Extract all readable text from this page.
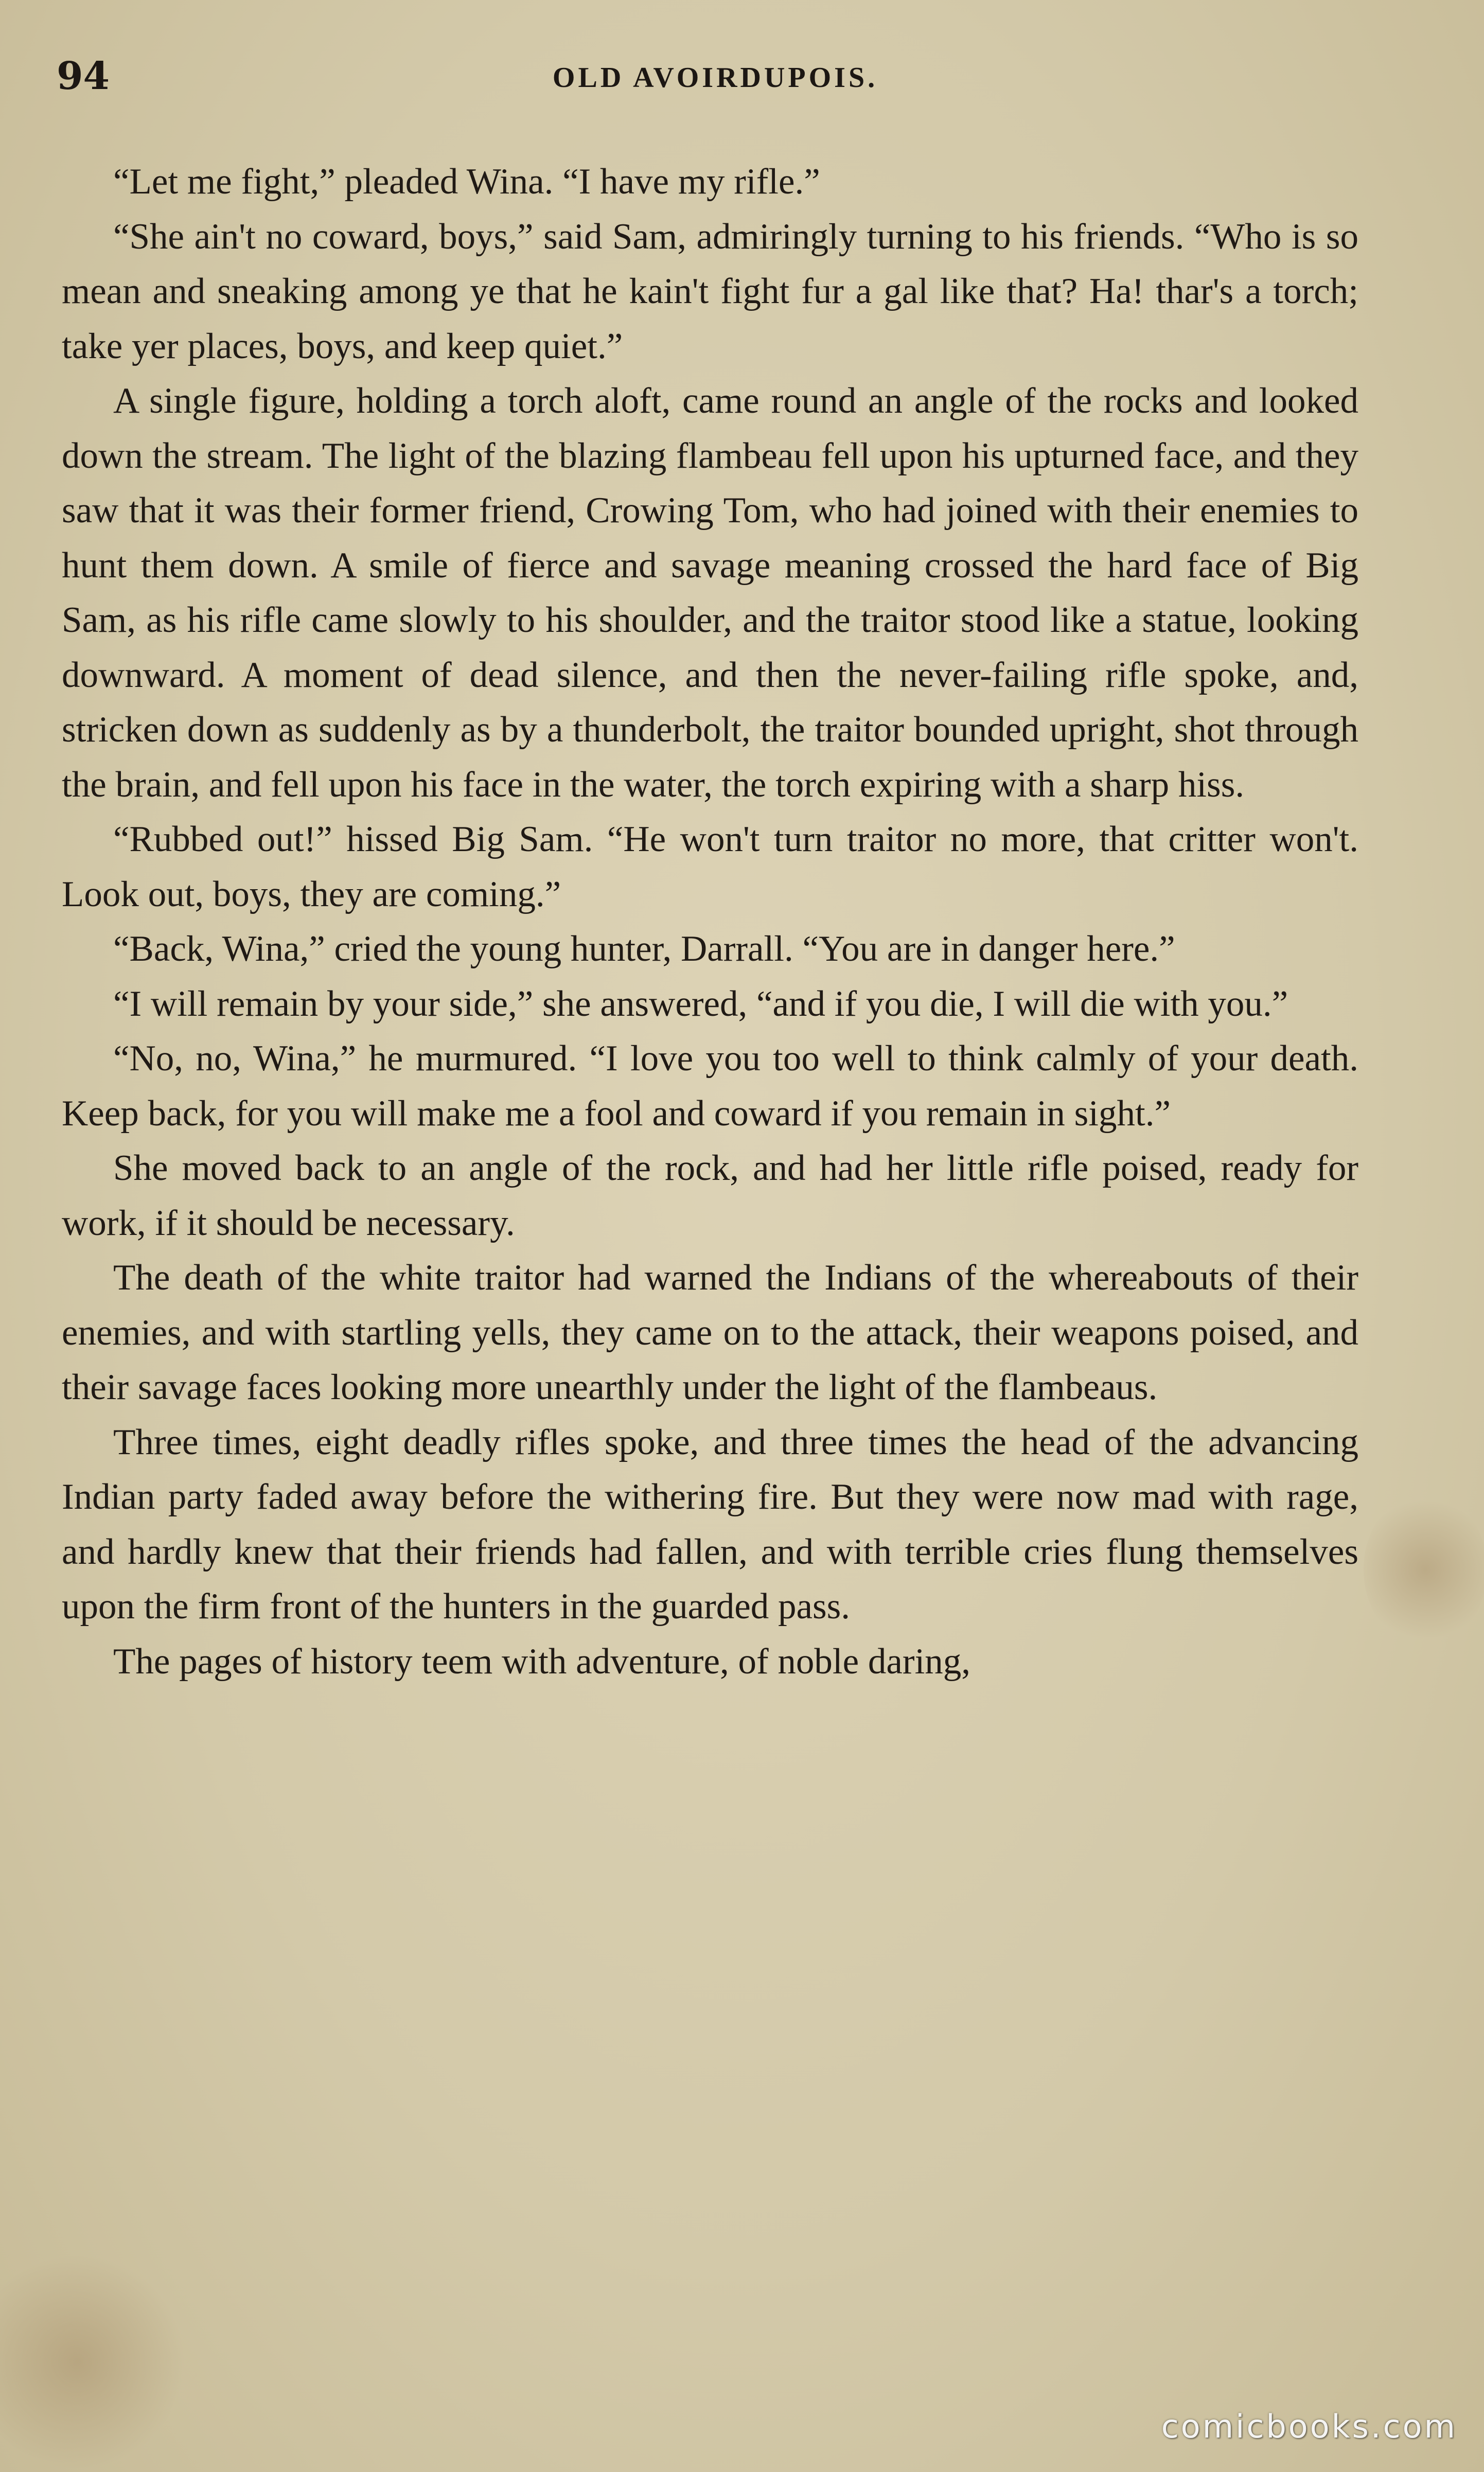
94	OLD AVOIRDUPOIS.

“Let me fight,” pleaded Wina. “I have my rifle.”

“She ain't no coward, boys,” said Sam, admiringly turning to his friends. “Who is so mean and sneaking among ye that he kain't fight fur a gal like that? Ha! thar's a torch; take yer places, boys, and keep quiet.”

A single figure, holding a torch aloft, came round an angle of the rocks and looked down the stream. The light of the blazing flambeau fell upon his upturned face, and they saw that it was their former friend, Crowing Tom, who had joined with their enemies to hunt them down. A smile of fierce and savage meaning crossed the hard face of Big Sam, as his rifle came slowly to his shoulder, and the traitor stood like a statue, looking downward. A moment of dead silence, and then the never-failing rifle spoke, and, stricken down as suddenly as by a thunderbolt, the traitor bounded upright, shot through the brain, and fell upon his face in the water, the torch expiring with a sharp hiss.

“Rubbed out!” hissed Big Sam. “He won't turn traitor no more, that critter won't. Look out, boys, they are coming.”

“Back, Wina,” cried the young hunter, Darrall. “You are in danger here.”

“I will remain by your side,” she answered, “and if you die, I will die with you.”

“No, no, Wina,” he murmured. “I love you too well to think calmly of your death. Keep back, for you will make me a fool and coward if you remain in sight.”

She moved back to an angle of the rock, and had her little rifle poised, ready for work, if it should be necessary.

The death of the white traitor had warned the Indians of the whereabouts of their enemies, and with startling yells, they came on to the attack, their weapons poised, and their savage faces looking more unearthly under the light of the flambeaus.

Three times, eight deadly rifles spoke, and three times the head of the advancing Indian party faded away before the withering fire. But they were now mad with rage, and hardly knew that their friends had fallen, and with terrible cries flung themselves upon the firm front of the hunters in the guarded pass.

The pages of history teem with adventure, of noble daring,

comicbooks.com
